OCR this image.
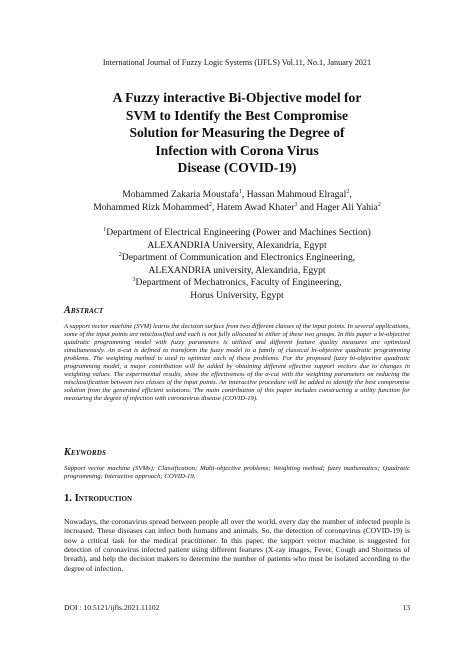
International Journal of Fuzzy Logic Systems (IJFLS) Vol.11, No.1, January 2021
A Fuzzy interactive Bi-Objective model for
SVM to Identify the Best Compromise
Solution for Measuring the Degree of
Infection with Corona Virus
Disease (COVID-19)
Mohammed Zakaria Moustafa$^1$, Hassan Mahmoud Elragal$^2$,
Mohammed Rizk Mohammed$^2$, Hatem Awad Khater$^3$ and Hager Ali Yahia$^2$
$^1$Department of Electrical Engineering (Power and Machines Section)
ALEXANDRIA University, Alexandria, Egypt
$^2$Department of Communication and Electronics Engineering,
ALEXANDRIA university, Alexandria, Egypt
$^3$Department of Mechatronics, Faculty of Engineering,
Horus University, Egypt
Abstract

A support vector machine (SVM) learns the decision surface from two different classes of the input points. In several applications, some of the input points are misclassified and each is not fully allocated to either of these two groups. In this paper a bi-objective quadratic programming model with fuzzy parameters is utilized and different feature quality measures are optimized simultaneously. An α-cut is defined to transform the fuzzy model to a family of classical bi-objective quadratic programming problems. The weighting method is used to optimize each of these problems. For the proposed fuzzy bi-objective quadratic programming model, a major contribution will be added by obtaining different effective support vectors due to changes in weighting values. The experimental results, show the effectiveness of the α-cut with the weighting parameters on reducing the misclassification between two classes of the input points. An interactive procedure will be added to identify the best compromise solution from the generated efficient solutions. The main contribution of this paper includes constructing a utility function for measuring the degree of infection with coronavirus disease (COVID-19).

Keywords

Support vector machine (SVMs); Classification; Multi-objective problems; Weighting method; fuzzy mathematics; Quadratic programming; Interactive approach; COVID-19.

1. Introduction

Nowadays, the coronavirus spread between people all over the world, every day the number of infected people is increased. These diseases can infect both humans and animals. So, the detection of coronavirus (COVID-19) is now a critical task for the medical practitioner. In this paper, the support vector machine is suggested for detection of coronavirus infected patient using different features (X-ray images, Fever, Cough and Shortness of breath), and help the decision makers to determine the number of patients who must be isolated according to the degree of infection.

DOI : 10.5121/ijfls.2021.11102	13
